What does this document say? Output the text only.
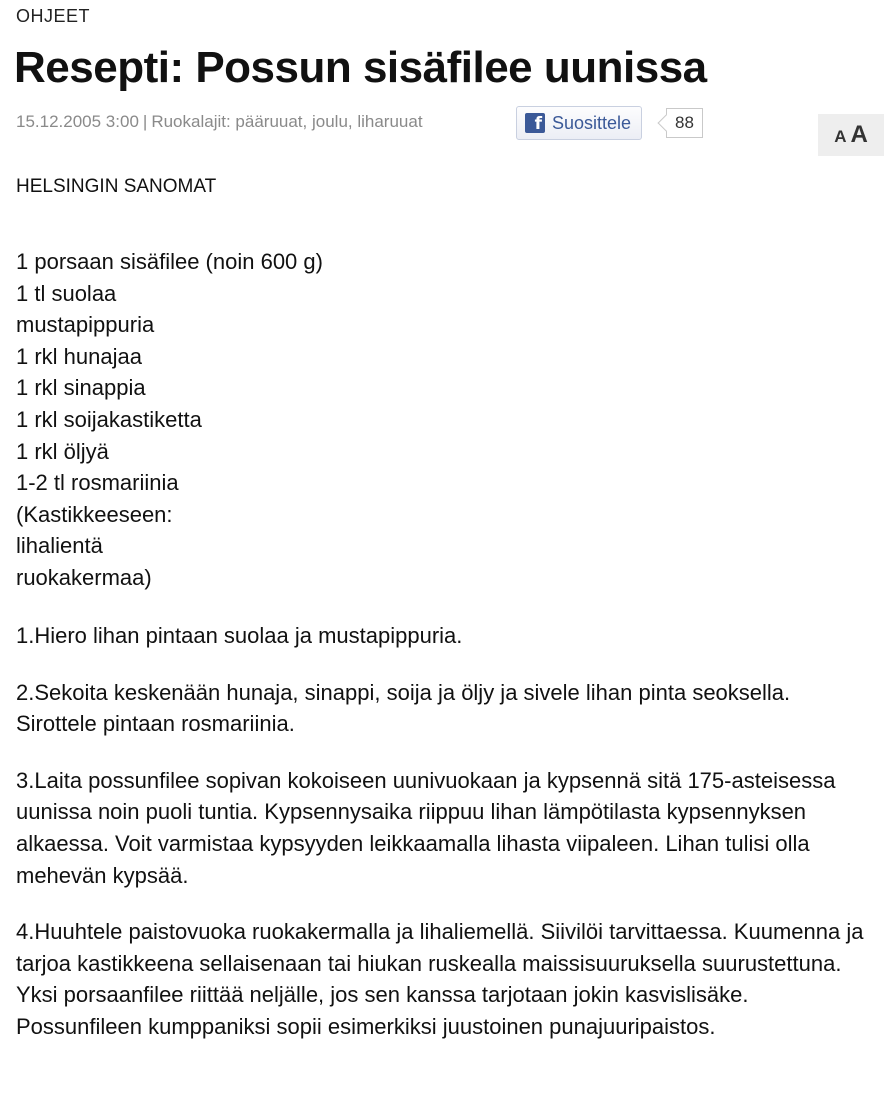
OHJEET
Resepti: Possun sisäfilee uunissa
15.12.2005 3:00 | Ruokalajit: pääruuat, joulu, liharuuat	f Suosittele	88
A A
HELSINGIN SANOMAT
1 porsaan sisäfilee (noin 600 g)
1 tl suolaa
mustapippuria
1 rkl hunajaa
1 rkl sinappia
1 rkl soijakastiketta
1 rkl öljyä
1-2 tl rosmariinia
(Kastikkeeseen:
lihalientä
ruokakermaa)

1.Hiero lihan pintaan suolaa ja mustapippuria.

2.Sekoita keskenään hunaja, sinappi, soija ja öljy ja sivele lihan pinta seoksella. Sirottele pintaan rosmariinia.

3.Laita possunfilee sopivan kokoiseen uunivuokaan ja kypsennä sitä 175-asteisessa uunissa noin puoli tuntia. Kypsennysaika riippuu lihan lämpötilasta kypsennyksen alkaessa. Voit varmistaa kypsyyden leikkaamalla lihasta viipaleen. Lihan tulisi olla mehevän kypsää.

4.Huuhtele paistovuoka ruokakermalla ja lihaliemellä. Siivilöi tarvittaessa. Kuumenna ja tarjoa kastikkeena sellaisenaan tai hiukan ruskealla maissisuuruksella suurustettuna. Yksi porsaanfilee riittää neljälle, jos sen kanssa tarjotaan jokin kasvislisäke. Possunfileen kumppaniksi sopii esimerkiksi juustoinen punajuuripaistos.
